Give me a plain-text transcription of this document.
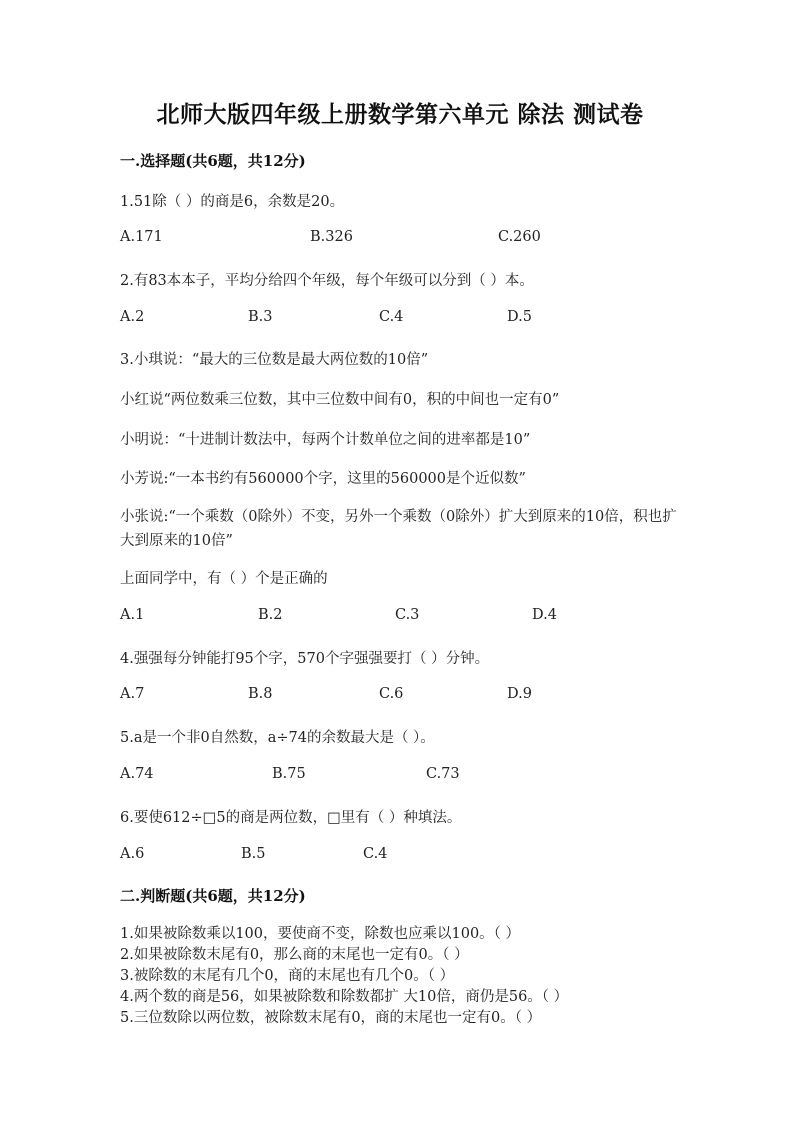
北师大版四年级上册数学第六单元 除法 测试卷
一.选择题(共6题，共12分)
1.51除（ ）的商是6，余数是20。
A.171	B.326	C.260
2.有83本本子，平均分给四个年级，每个年级可以分到（ ）本。
A.2	B.3	C.4	D.5
3.小琪说：“最大的三位数是最大两位数的10倍”
小红说“两位数乘三位数，其中三位数中间有0，积的中间也一定有0”
小明说：“十进制计数法中，每两个计数单位之间的进率都是10”
小芳说:“一本书约有560000个字，这里的560000是个近似数”
小张说:“一个乘数（0除外）不变，另外一个乘数（0除外）扩大到原来的10倍，积也扩大到原来的10倍”
上面同学中，有（ ）个是正确的
A.1	B.2	C.3	D.4
4.强强每分钟能打95个字，570个字强强要打（ ）分钟。
A.7	B.8	C.6	D.9
5.a是一个非0自然数，a÷74的余数最大是（ ）。
A.74	B.75	C.73
6.要使612÷□5的商是两位数，□里有（ ）种填法。
A.6	B.5	C.4
二.判断题(共6题，共12分)
1.如果被除数乘以100，要使商不变，除数也应乘以100。（ ）
2.如果被除数末尾有0，那么商的末尾也一定有0。（ ）
3.被除数的末尾有几个0，商的末尾也有几个0。（ ）
4.两个数的商是56，如果被除数和除数都扩 大10倍，商仍是56。（ ）
5.三位数除以两位数，被除数末尾有0，商的末尾也一定有0。（ ）
